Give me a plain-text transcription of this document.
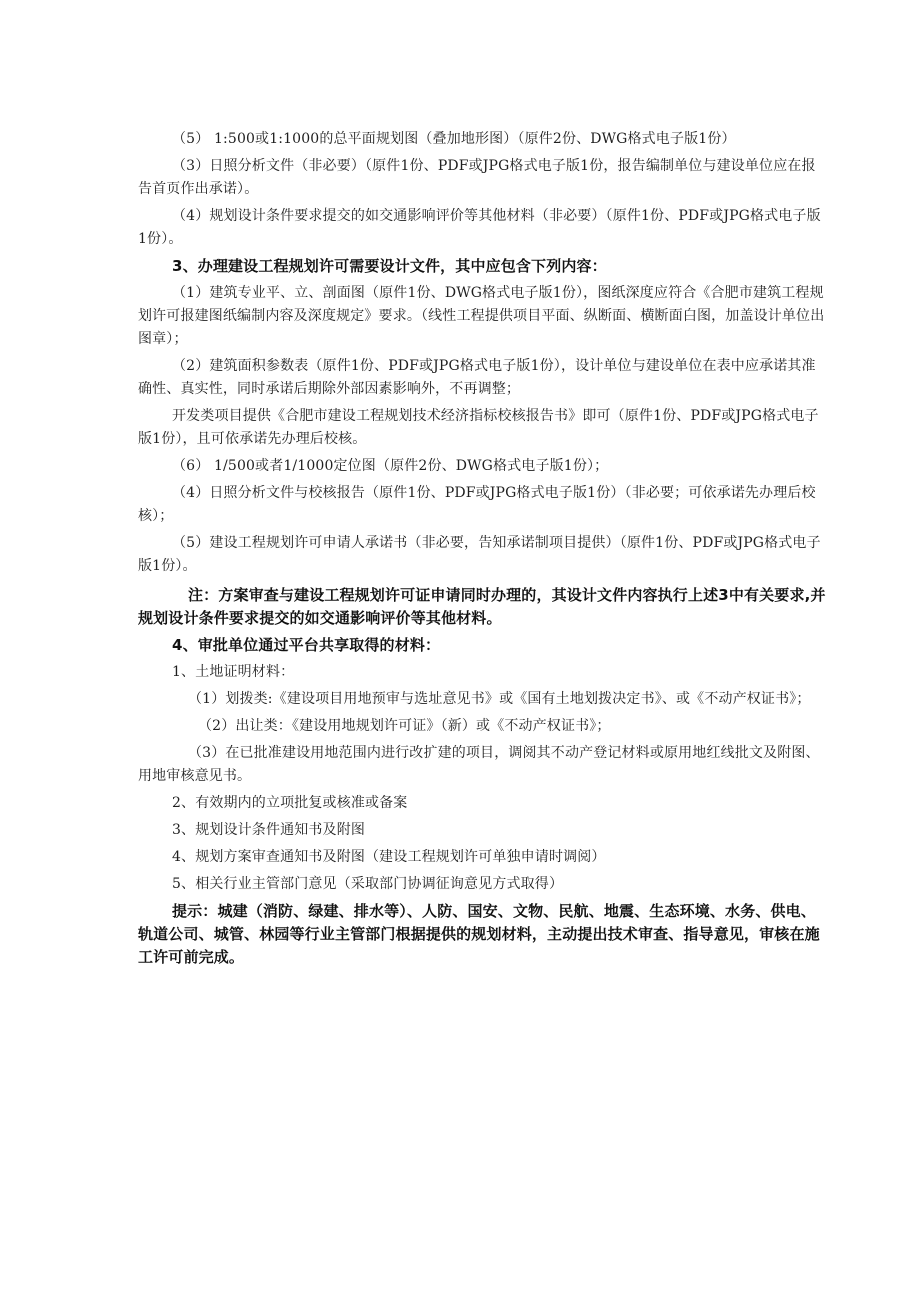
（5） 1:500或1:1000的总平面规划图（叠加地形图）（原件2份、DWG格式电子版1份）

（3）日照分析文件（非必要）（原件1份、PDF或JPG格式电子版1份，报告编制单位与建设单位应在报告首页作出承诺）。

（4）规划设计条件要求提交的如交通影响评价等其他材料（非必要）（原件1份、PDF或JPG格式电子版1份）。

3、办理建设工程规划许可需要设计文件，其中应包含下列内容：

（1）建筑专业平、立、剖面图（原件1份、DWG格式电子版1份），图纸深度应符合《合肥市建筑工程规划许可报建图纸编制内容及深度规定》要求。（线性工程提供项目平面、纵断面、横断面白图，加盖设计单位出图章）；

（2）建筑面积参数表（原件1份、PDF或JPG格式电子版1份），设计单位与建设单位在表中应承诺其准确性、真实性，同时承诺后期除外部因素影响外，不再调整；

开发类项目提供《合肥市建设工程规划技术经济指标校核报告书》即可（原件1份、PDF或JPG格式电子版1份），且可依承诺先办理后校核。

（6） 1/500或者1/1000定位图（原件2份、DWG格式电子版1份）；

（4）日照分析文件与校核报告（原件1份、PDF或JPG格式电子版1份）（非必要；可依承诺先办理后校核）；

（5）建设工程规划许可申请人承诺书（非必要，告知承诺制项目提供）（原件1份、PDF或JPG格式电子版1份）。

注：方案审查与建设工程规划许可证申请同时办理的，其设计文件内容执行上述3中有关要求,并规划设计条件要求提交的如交通影响评价等其他材料。

4、审批单位通过平台共享取得的材料：

1、土地证明材料：

（1）划拨类:《建设项目用地预审与选址意见书》或《国有土地划拨决定书》、或《不动产权证书》；

（2）出让类：《建设用地规划许可证》（新）或《不动产权证书》；

（3）在已批准建设用地范围内进行改扩建的项目，调阅其不动产登记材料或原用地红线批文及附图、用地审核意见书。

2、有效期内的立项批复或核准或备案

3、规划设计条件通知书及附图

4、规划方案审查通知书及附图（建设工程规划许可单独申请时调阅）

5、相关行业主管部门意见（采取部门协调征询意见方式取得）

提示：城建（消防、绿建、排水等）、人防、国安、文物、民航、地震、生态环境、水务、供电、轨道公司、城管、林园等行业主管部门根据提供的规划材料，主动提出技术审查、指导意见，审核在施工许可前完成。
